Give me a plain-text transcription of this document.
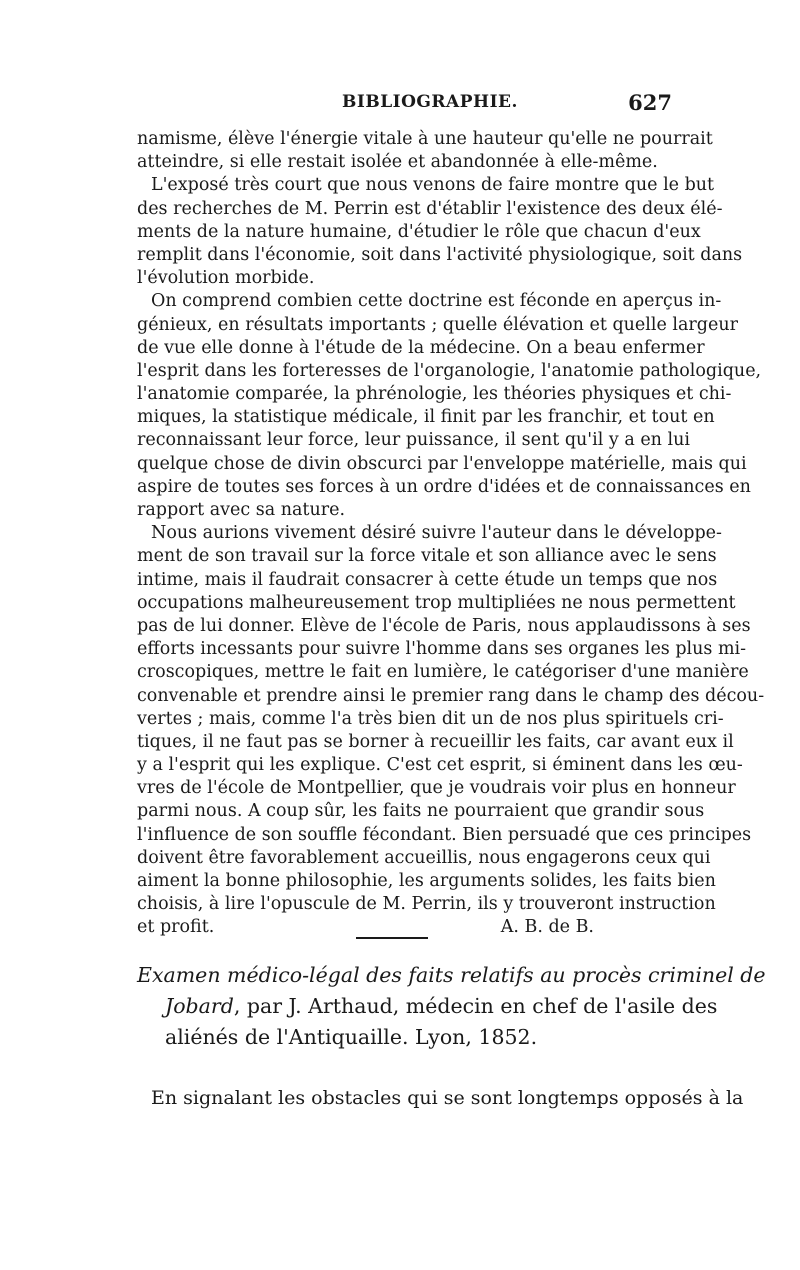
BIBLIOGRAPHIE.	627
namisme, élève l'énergie vitale à une hauteur qu'elle ne pourrait
atteindre, si elle restait isolée et abandonnée à elle-même.
L'exposé très court que nous venons de faire montre que le but
des recherches de M. Perrin est d'établir l'existence des deux élé-
ments de la nature humaine, d'étudier le rôle que chacun d'eux
remplit dans l'économie, soit dans l'activité physiologique, soit dans
l'évolution morbide.
On comprend combien cette doctrine est féconde en aperçus in-
génieux, en résultats importants ; quelle élévation et quelle largeur
de vue elle donne à l'étude de la médecine. On a beau enfermer
l'esprit dans les forteresses de l'organologie, l'anatomie pathologique,
l'anatomie comparée, la phrénologie, les théories physiques et chi-
miques, la statistique médicale, il finit par les franchir, et tout en
reconnaissant leur force, leur puissance, il sent qu'il y a en lui
quelque chose de divin obscurci par l'enveloppe matérielle, mais qui
aspire de toutes ses forces à un ordre d'idées et de connaissances en
rapport avec sa nature.
Nous aurions vivement désiré suivre l'auteur dans le développe-
ment de son travail sur la force vitale et son alliance avec le sens
intime, mais il faudrait consacrer à cette étude un temps que nos
occupations malheureusement trop multipliées ne nous permettent
pas de lui donner. Elève de l'école de Paris, nous applaudissons à ses
efforts incessants pour suivre l'homme dans ses organes les plus mi-
croscopiques, mettre le fait en lumière, le catégoriser d'une manière
convenable et prendre ainsi le premier rang dans le champ des décou-
vertes ; mais, comme l'a très bien dit un de nos plus spirituels cri-
tiques, il ne faut pas se borner à recueillir les faits, car avant eux il
y a l'esprit qui les explique. C'est cet esprit, si éminent dans les œu-
vres de l'école de Montpellier, que je voudrais voir plus en honneur
parmi nous. A coup sûr, les faits ne pourraient que grandir sous
l'influence de son souffle fécondant. Bien persuadé que ces principes
doivent être favorablement accueillis, nous engagerons ceux qui
aiment la bonne philosophie, les arguments solides, les faits bien
choisis, à lire l'opuscule de M. Perrin, ils y trouveront instruction
et profit.	A. B. de B.
Examen médico-légal des faits relatifs au procès criminel de
Jobard, par J. Arthaud, médecin en chef de l'asile des
aliénés de l'Antiquaille. Lyon, 1852.
En signalant les obstacles qui se sont longtemps opposés à la
